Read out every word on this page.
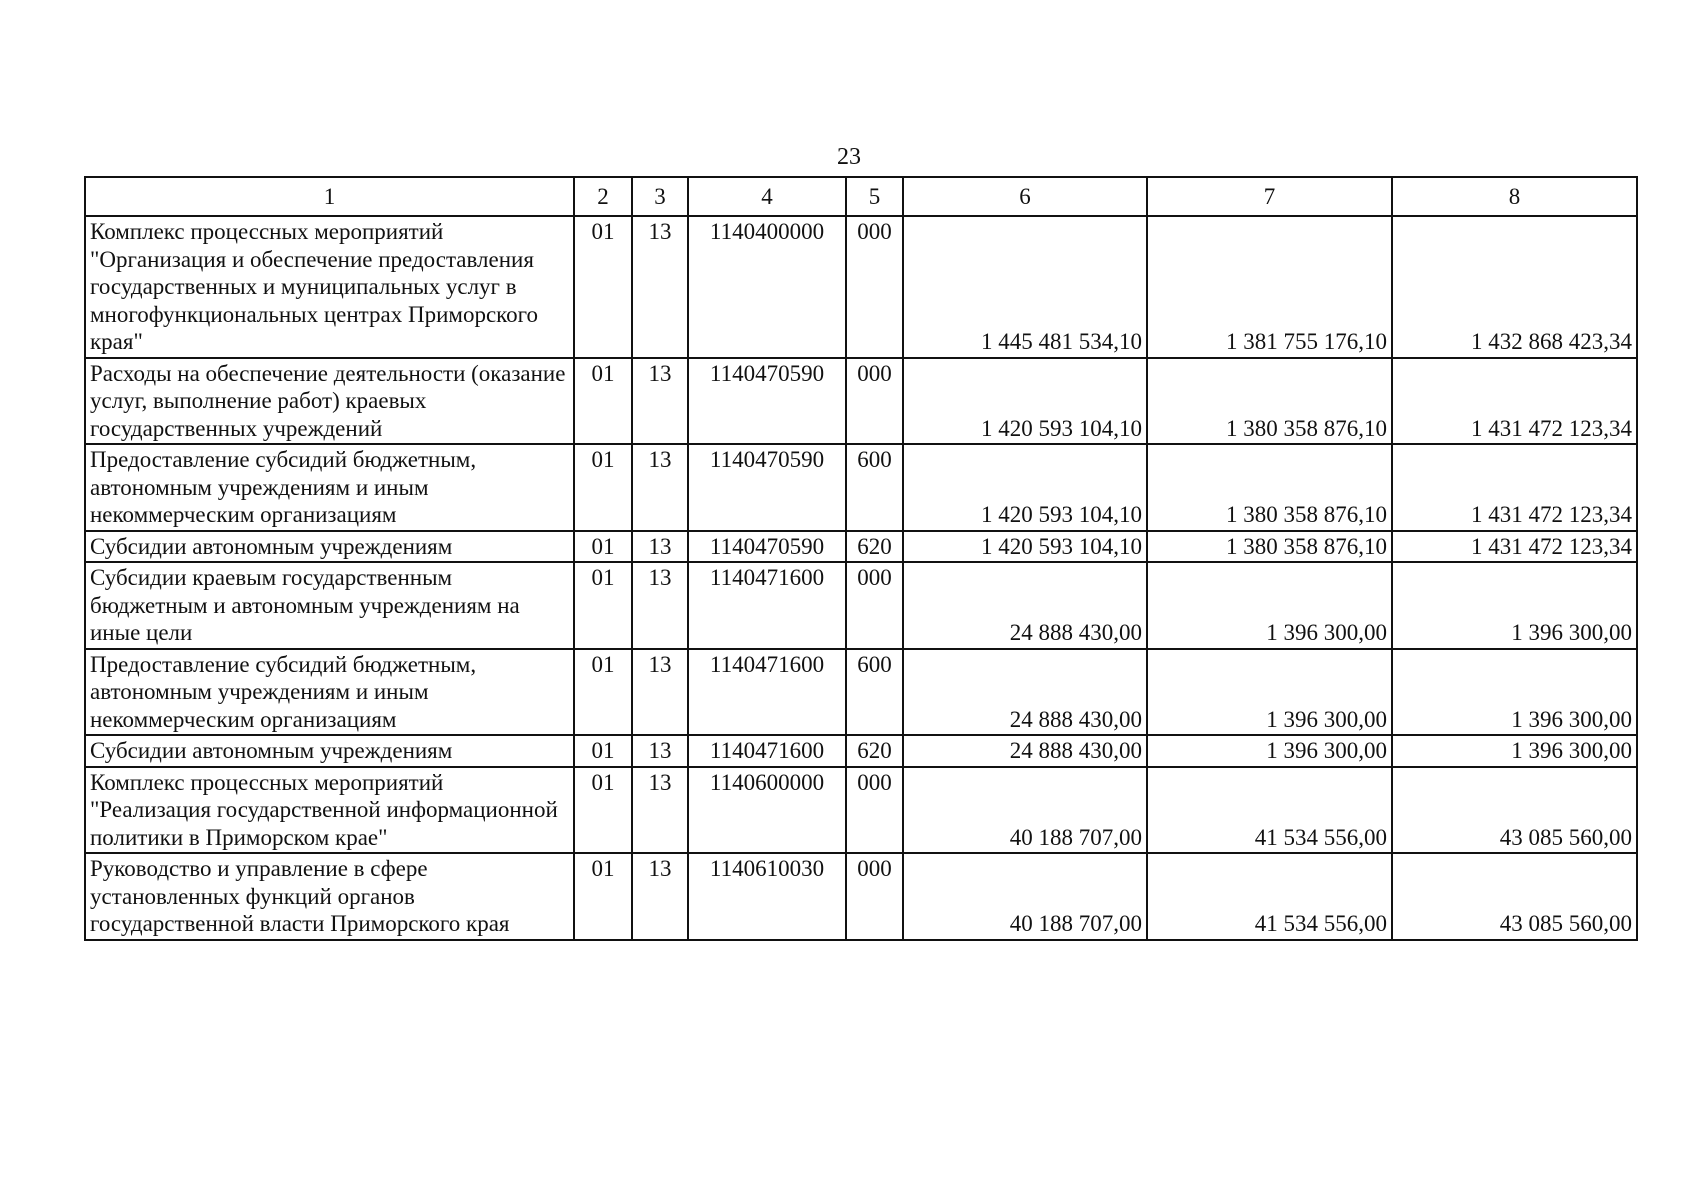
23
1	2	3	4	5	6	7	8
Комплекс процессных мероприятий "Организация и обеспечение предоставления государственных и муниципальных услуг в многофункциональных центрах Приморского края"	01	13	1140400000	000	1 445 481 534,10	1 381 755 176,10	1 432 868 423,34
Расходы на обеспечение деятельности (оказание услуг, выполнение работ) краевых государственных учреждений	01	13	1140470590	000	1 420 593 104,10	1 380 358 876,10	1 431 472 123,34
Предоставление субсидий бюджетным, автономным учреждениям и иным некоммерческим организациям	01	13	1140470590	600	1 420 593 104,10	1 380 358 876,10	1 431 472 123,34
Субсидии автономным учреждениям	01	13	1140470590	620	1 420 593 104,10	1 380 358 876,10	1 431 472 123,34
Субсидии краевым государственным бюджетным и автономным учреждениям на иные цели	01	13	1140471600	000	24 888 430,00	1 396 300,00	1 396 300,00
Предоставление субсидий бюджетным, автономным учреждениям и иным некоммерческим организациям	01	13	1140471600	600	24 888 430,00	1 396 300,00	1 396 300,00
Субсидии автономным учреждениям	01	13	1140471600	620	24 888 430,00	1 396 300,00	1 396 300,00
Комплекс процессных мероприятий "Реализация государственной информационной политики в Приморском крае"	01	13	1140600000	000	40 188 707,00	41 534 556,00	43 085 560,00
Руководство и управление в сфере установленных функций органов государственной власти Приморского края	01	13	1140610030	000	40 188 707,00	41 534 556,00	43 085 560,00
